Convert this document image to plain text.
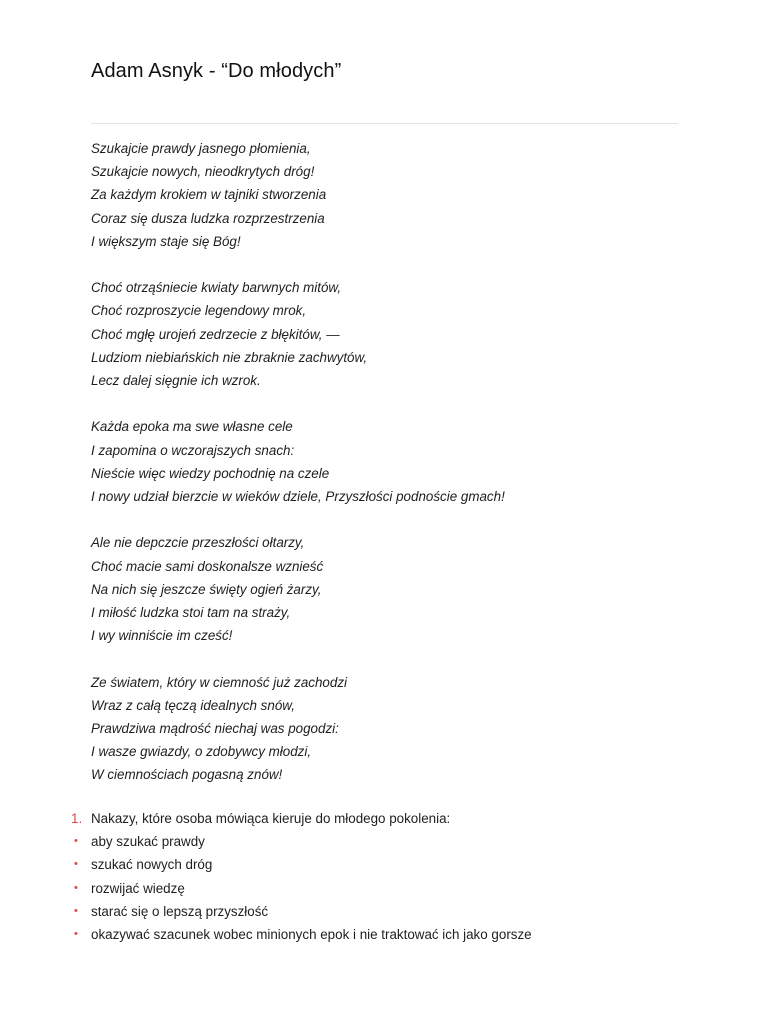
Adam Asnyk - “Do młodych”
Szukajcie prawdy jasnego płomienia,
Szukajcie nowych, nieodkrytych dróg!
Za każdym krokiem w tajniki stworzenia
Coraz się dusza ludzka rozprzestrzenia
I większym staje się Bóg!
Choć otrząśniecie kwiaty barwnych mitów,
Choć rozproszycie legendowy mrok,
Choć mgłę urojeń zedrzecie z błękitów, —
Ludziom niebiańskich nie zbraknie zachwytów,
Lecz dalej sięgnie ich wzrok.
Każda epoka ma swe własne cele
I zapomina o wczorajszych snach:
Nieście więc wiedzy pochodnię na czele
I nowy udział bierzcie w wieków dziele, Przyszłości podnoście gmach!
Ale nie depczcie przeszłości ołtarzy,
Choć macie sami doskonalsze wznieść
Na nich się jeszcze święty ogień żarzy,
I miłość ludzka stoi tam na straży,
I wy winniście im cześć!
Ze światem, który w ciemność już zachodzi
Wraz z całą tęczą idealnych snów,
Prawdziwa mądrość niechaj was pogodzi:
I wasze gwiazdy, o zdobywcy młodzi,
W ciemnościach pogasną znów!
1. Nakazy, które osoba mówiąca kieruje do młodego pokolenia:
• aby szukać prawdy
• szukać nowych dróg
• rozwijać wiedzę
• starać się o lepszą przyszłość
• okazywać szacunek wobec minionych epok i nie traktować ich jako gorsze
